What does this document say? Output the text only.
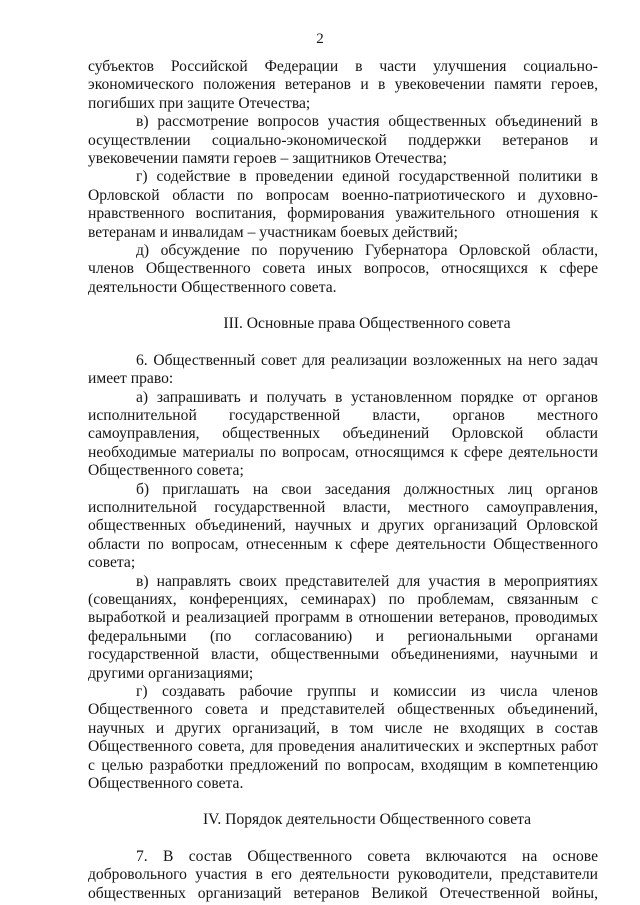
2

субъектов Российской Федерации в части улучшения социально-экономического положения ветеранов и в увековечении памяти героев, погибших при защите Отечества;

в) рассмотрение вопросов участия общественных объединений в осуществлении социально-экономической поддержки ветеранов и увековечении памяти героев – защитников Отечества;

г) содействие в проведении единой государственной политики в Орловской области по вопросам военно-патриотического и духовно-нравственного воспитания, формирования уважительного отношения к ветеранам и инвалидам – участникам боевых действий;

д) обсуждение по поручению Губернатора Орловской области, членов Общественного совета иных вопросов, относящихся к сфере деятельности Общественного совета.

III. Основные права Общественного совета

6. Общественный совет для реализации возложенных на него задач имеет право:

а) запрашивать и получать в установленном порядке от органов исполнительной государственной власти, органов местного самоуправления, общественных объединений Орловской области необходимые материалы по вопросам, относящимся к сфере деятельности Общественного совета;

б) приглашать на свои заседания должностных лиц органов исполнительной государственной власти, местного самоуправления, общественных объединений, научных и других организаций Орловской области по вопросам, отнесенным к сфере деятельности Общественного совета;

в) направлять своих представителей для участия в мероприятиях (совещаниях, конференциях, семинарах) по проблемам, связанным с выработкой и реализацией программ в отношении ветеранов, проводимых федеральными (по согласованию) и региональными органами государственной власти, общественными объединениями, научными и другими организациями;

г) создавать рабочие группы и комиссии из числа членов Общественного совета и представителей общественных объединений, научных и других организаций, в том числе не входящих в состав Общественного совета, для проведения аналитических и экспертных работ с целью разработки предложений по вопросам, входящим в компетенцию Общественного совета.

IV. Порядок деятельности Общественного совета

7. В состав Общественного совета включаются на основе добровольного участия в его деятельности руководители, представители общественных организаций ветеранов Великой Отечественной войны,
